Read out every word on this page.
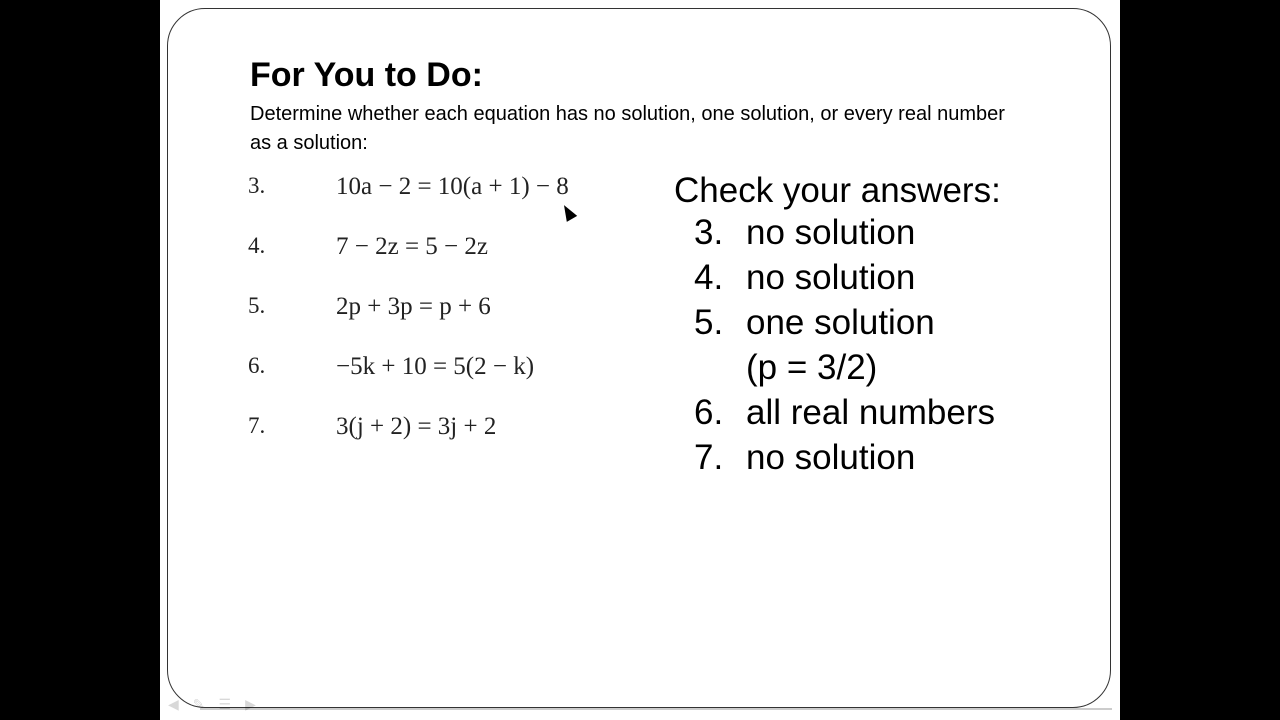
For You to Do:
Determine whether each equation has no solution, one solution, or every real number as a solution:
3.	10a − 2 = 10(a + 1) − 8
4.	7 − 2z = 5 − 2z
5.	2p + 3p = p + 6
6.	−5k + 10 = 5(2 − k)
7.	3(j + 2) = 3j + 2
Check your answers:
3. no solution
4. no solution
5. one solution
(p = 3/2)
6. all real numbers
7. no solution
◀ ✎ ☰ ▶
